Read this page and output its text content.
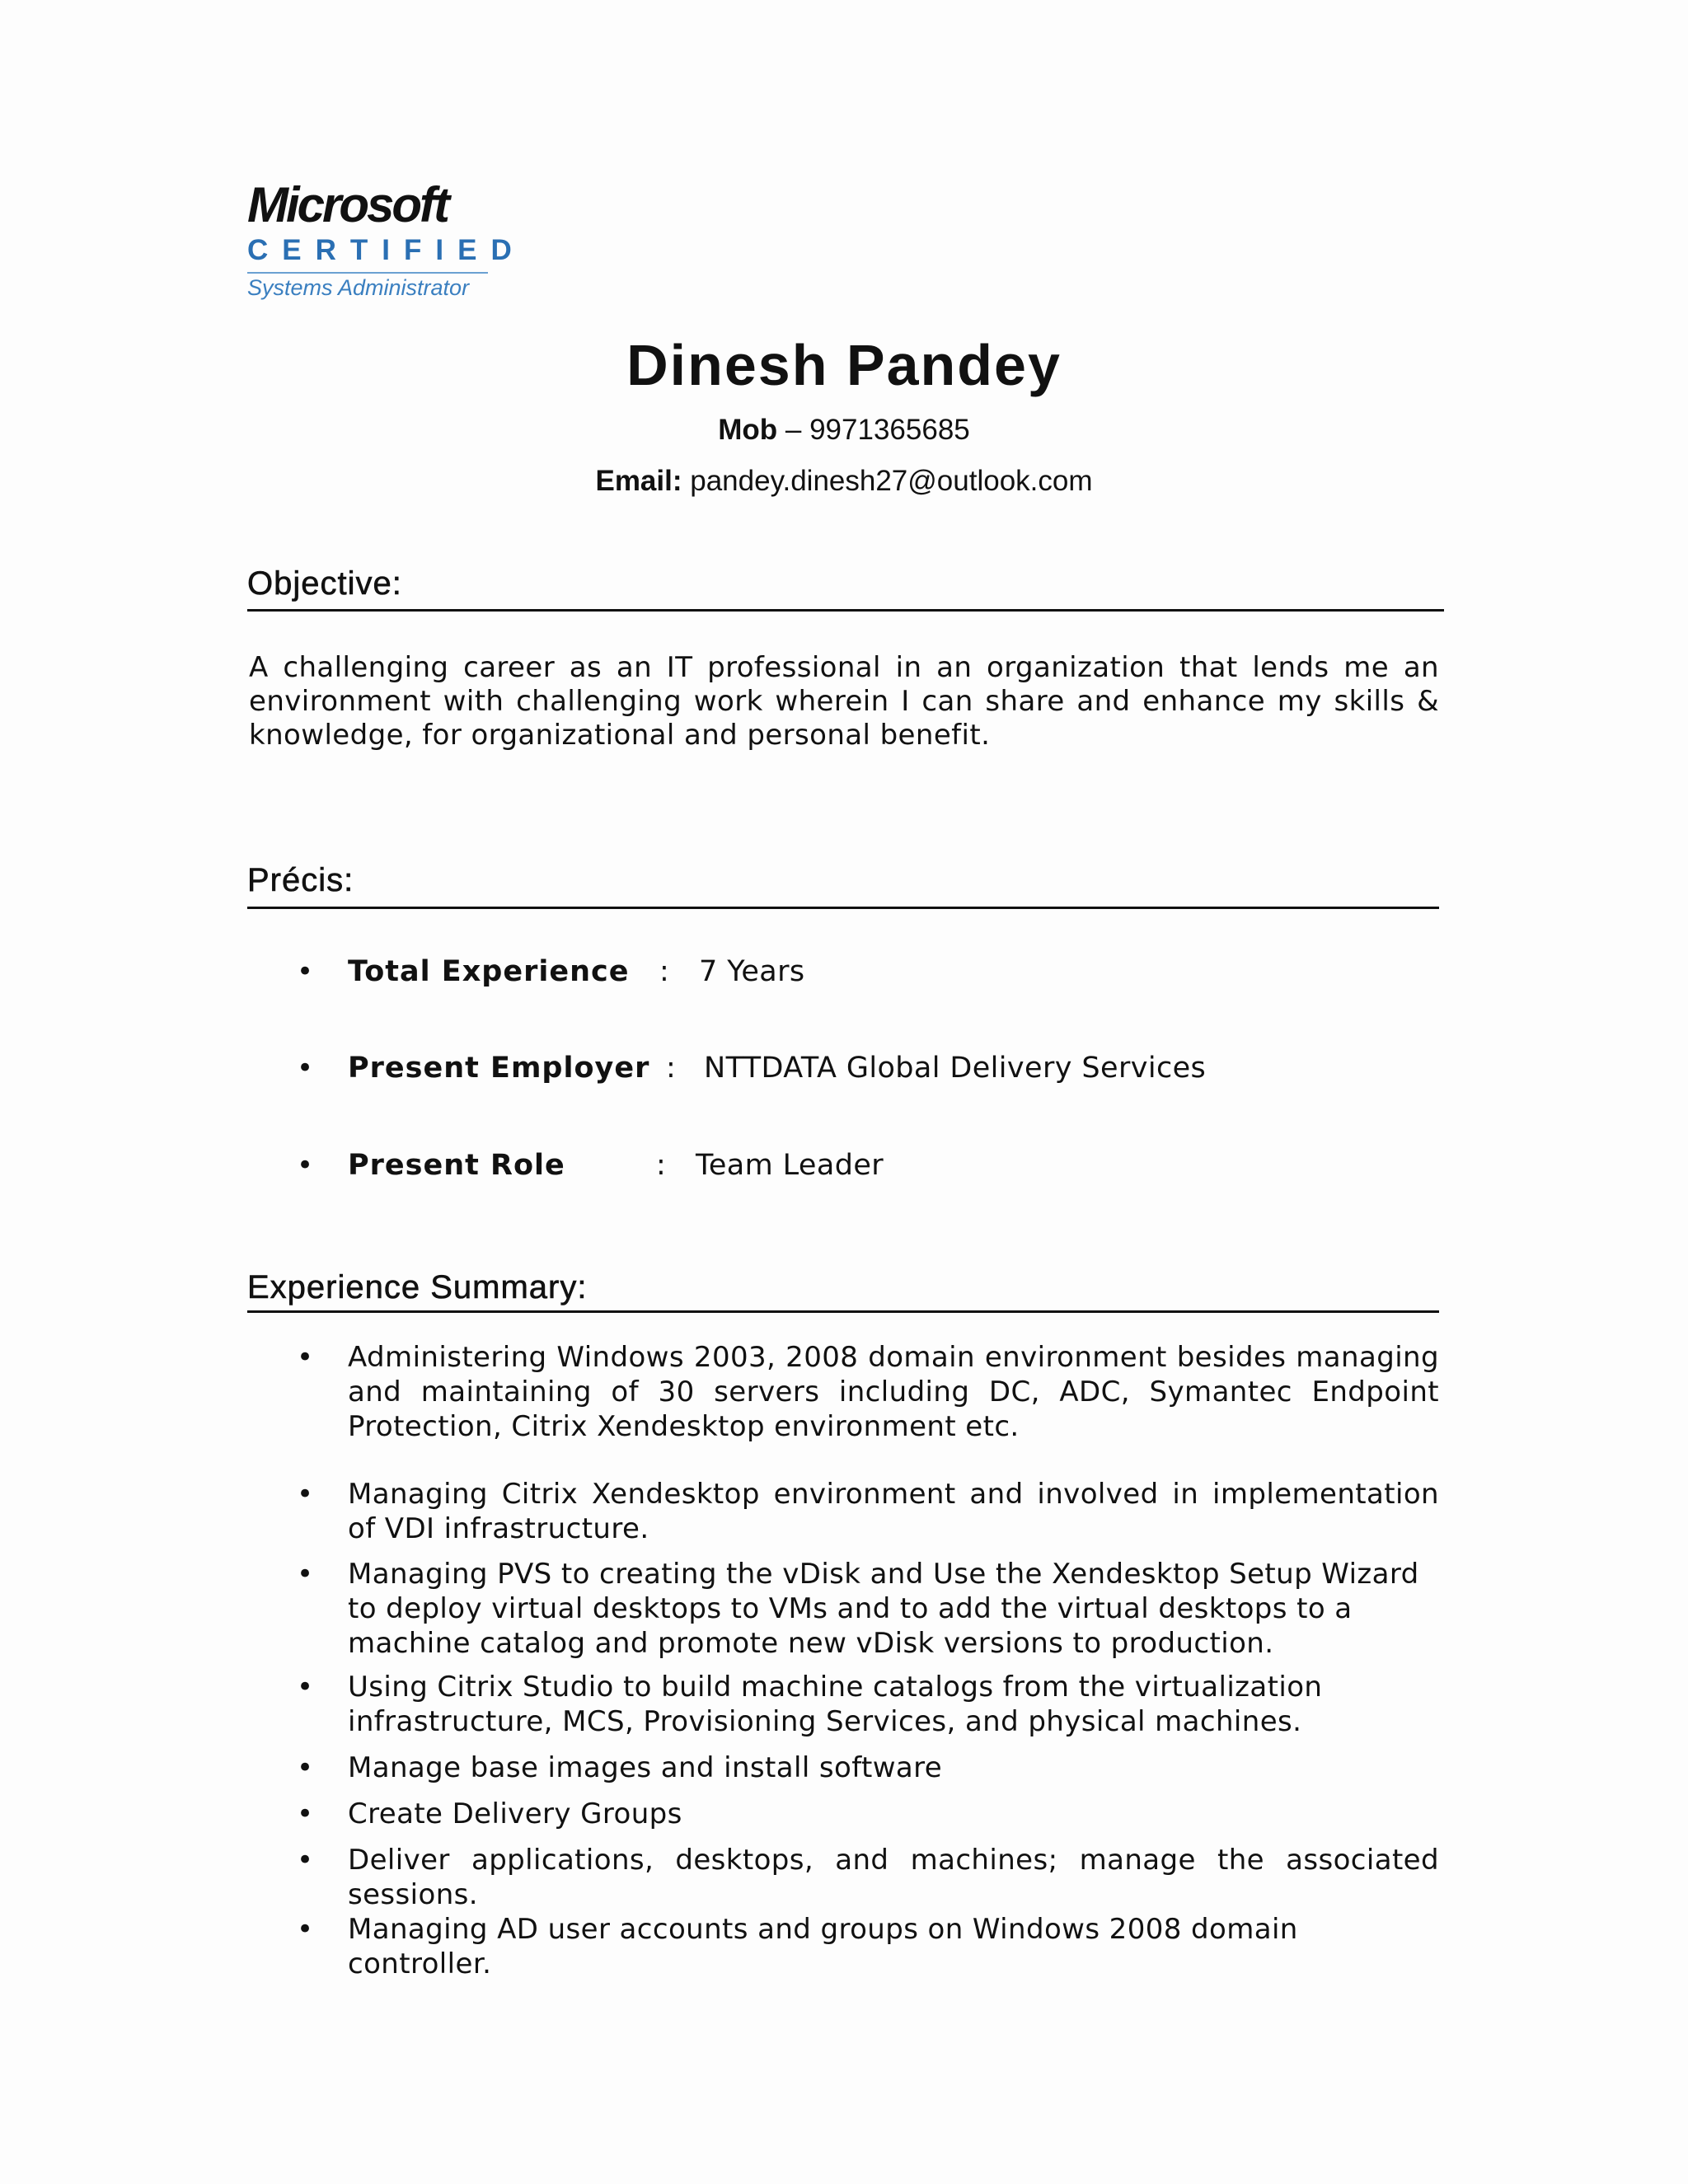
Microsoft
CERTIFIED
Systems Administrator
Dinesh Pandey
Mob – 9971365685
Email: pandey.dinesh27@outlook.com
Objective:
A challenging career as an IT professional in an organization that lends me an environment with challenging work wherein I can share and enhance my skills & knowledge, for organizational and personal benefit.
Précis:
• Total Experience : 7 Years
• Present Employer : NTTDATA Global Delivery Services
• Present Role	: Team Leader
Experience Summary:
• Administering Windows 2003, 2008 domain environment besides managing and maintaining of 30 servers including DC, ADC, Symantec Endpoint Protection, Citrix Xendesktop environment etc.
• Managing Citrix Xendesktop environment and involved in implementation of VDI infrastructure.
• Managing PVS to creating the vDisk and Use the Xendesktop Setup Wizard to deploy virtual desktops to VMs and to add the virtual desktops to a machine catalog and promote new vDisk versions to production.
• Using Citrix Studio to build machine catalogs from the virtualization infrastructure, MCS, Provisioning Services, and physical machines.
• Manage base images and install software
• Create Delivery Groups
• Deliver applications, desktops, and machines; manage the associated sessions.
• Managing AD user accounts and groups on Windows 2008 domain controller.
